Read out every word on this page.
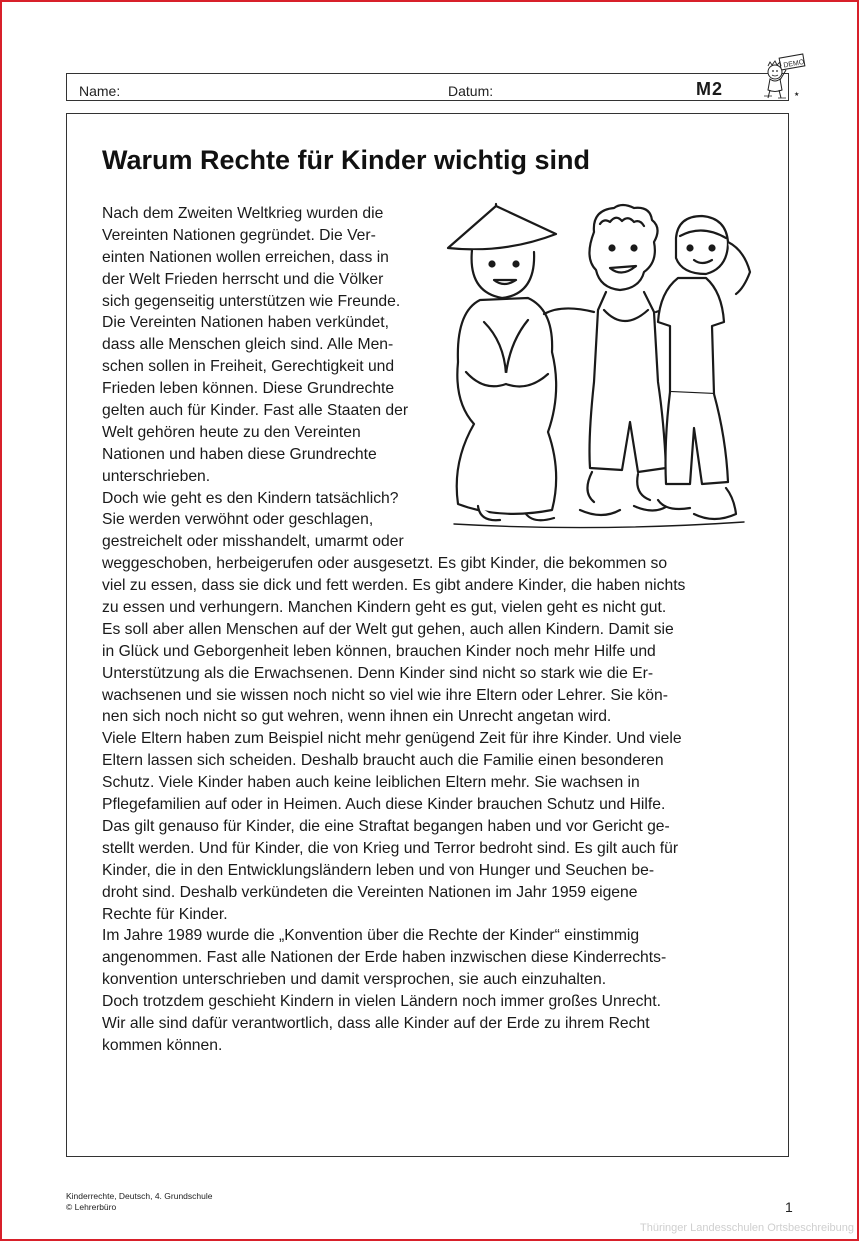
Name:	Datum:	M2
DEMO
★
Warum Rechte für Kinder wichtig sind
Nach dem Zweiten Weltkrieg wurden die
Vereinten Nationen gegründet. Die Ver-
einten Nationen wollen erreichen, dass in
der Welt Frieden herrscht und die Völker
sich gegenseitig unterstützen wie Freunde.
Die Vereinten Nationen haben verkündet,
dass alle Menschen gleich sind. Alle Men-
schen sollen in Freiheit, Gerechtigkeit und
Frieden leben können. Diese Grundrechte
gelten auch für Kinder. Fast alle Staaten der
Welt gehören heute zu den Vereinten
Nationen und haben diese Grundrechte
unterschrieben.
Doch wie geht es den Kindern tatsächlich?
Sie werden verwöhnt oder geschlagen,
gestreichelt oder misshandelt, umarmt oder
weggeschoben, herbeigerufen oder ausgesetzt. Es gibt Kinder, die bekommen so
viel zu essen, dass sie dick und fett werden. Es gibt andere Kinder, die haben nichts
zu essen und verhungern. Manchen Kindern geht es gut, vielen geht es nicht gut.
Es soll aber allen Menschen auf der Welt gut gehen, auch allen Kindern. Damit sie
in Glück und Geborgenheit leben können, brauchen Kinder noch mehr Hilfe und
Unterstützung als die Erwachsenen. Denn Kinder sind nicht so stark wie die Er-
wachsenen und sie wissen noch nicht so viel wie ihre Eltern oder Lehrer. Sie kön-
nen sich noch nicht so gut wehren, wenn ihnen ein Unrecht angetan wird.
Viele Eltern haben zum Beispiel nicht mehr genügend Zeit für ihre Kinder. Und viele
Eltern lassen sich scheiden. Deshalb braucht auch die Familie einen besonderen
Schutz. Viele Kinder haben auch keine leiblichen Eltern mehr. Sie wachsen in
Pflegefamilien auf oder in Heimen. Auch diese Kinder brauchen Schutz und Hilfe.
Das gilt genauso für Kinder, die eine Straftat begangen haben und vor Gericht ge-
stellt werden. Und für Kinder, die von Krieg und Terror bedroht sind. Es gilt auch für
Kinder, die in den Entwicklungsländern leben und von Hunger und Seuchen be-
droht sind. Deshalb verkündeten die Vereinten Nationen im Jahr 1959 eigene
Rechte für Kinder.
Im Jahre 1989 wurde die „Konvention über die Rechte der Kinder“ einstimmig
angenommen. Fast alle Nationen der Erde haben inzwischen diese Kinderrechts-
konvention unterschrieben und damit versprochen, sie auch einzuhalten.
Doch trotzdem geschieht Kindern in vielen Ländern noch immer großes Unrecht.
Wir alle sind dafür verantwortlich, dass alle Kinder auf der Erde zu ihrem Recht
kommen können.
Kinderrechte, Deutsch, 4. Grundschule
© Lehrerbüro	1
Thüringer Landesschulen Ortsbeschreibung
